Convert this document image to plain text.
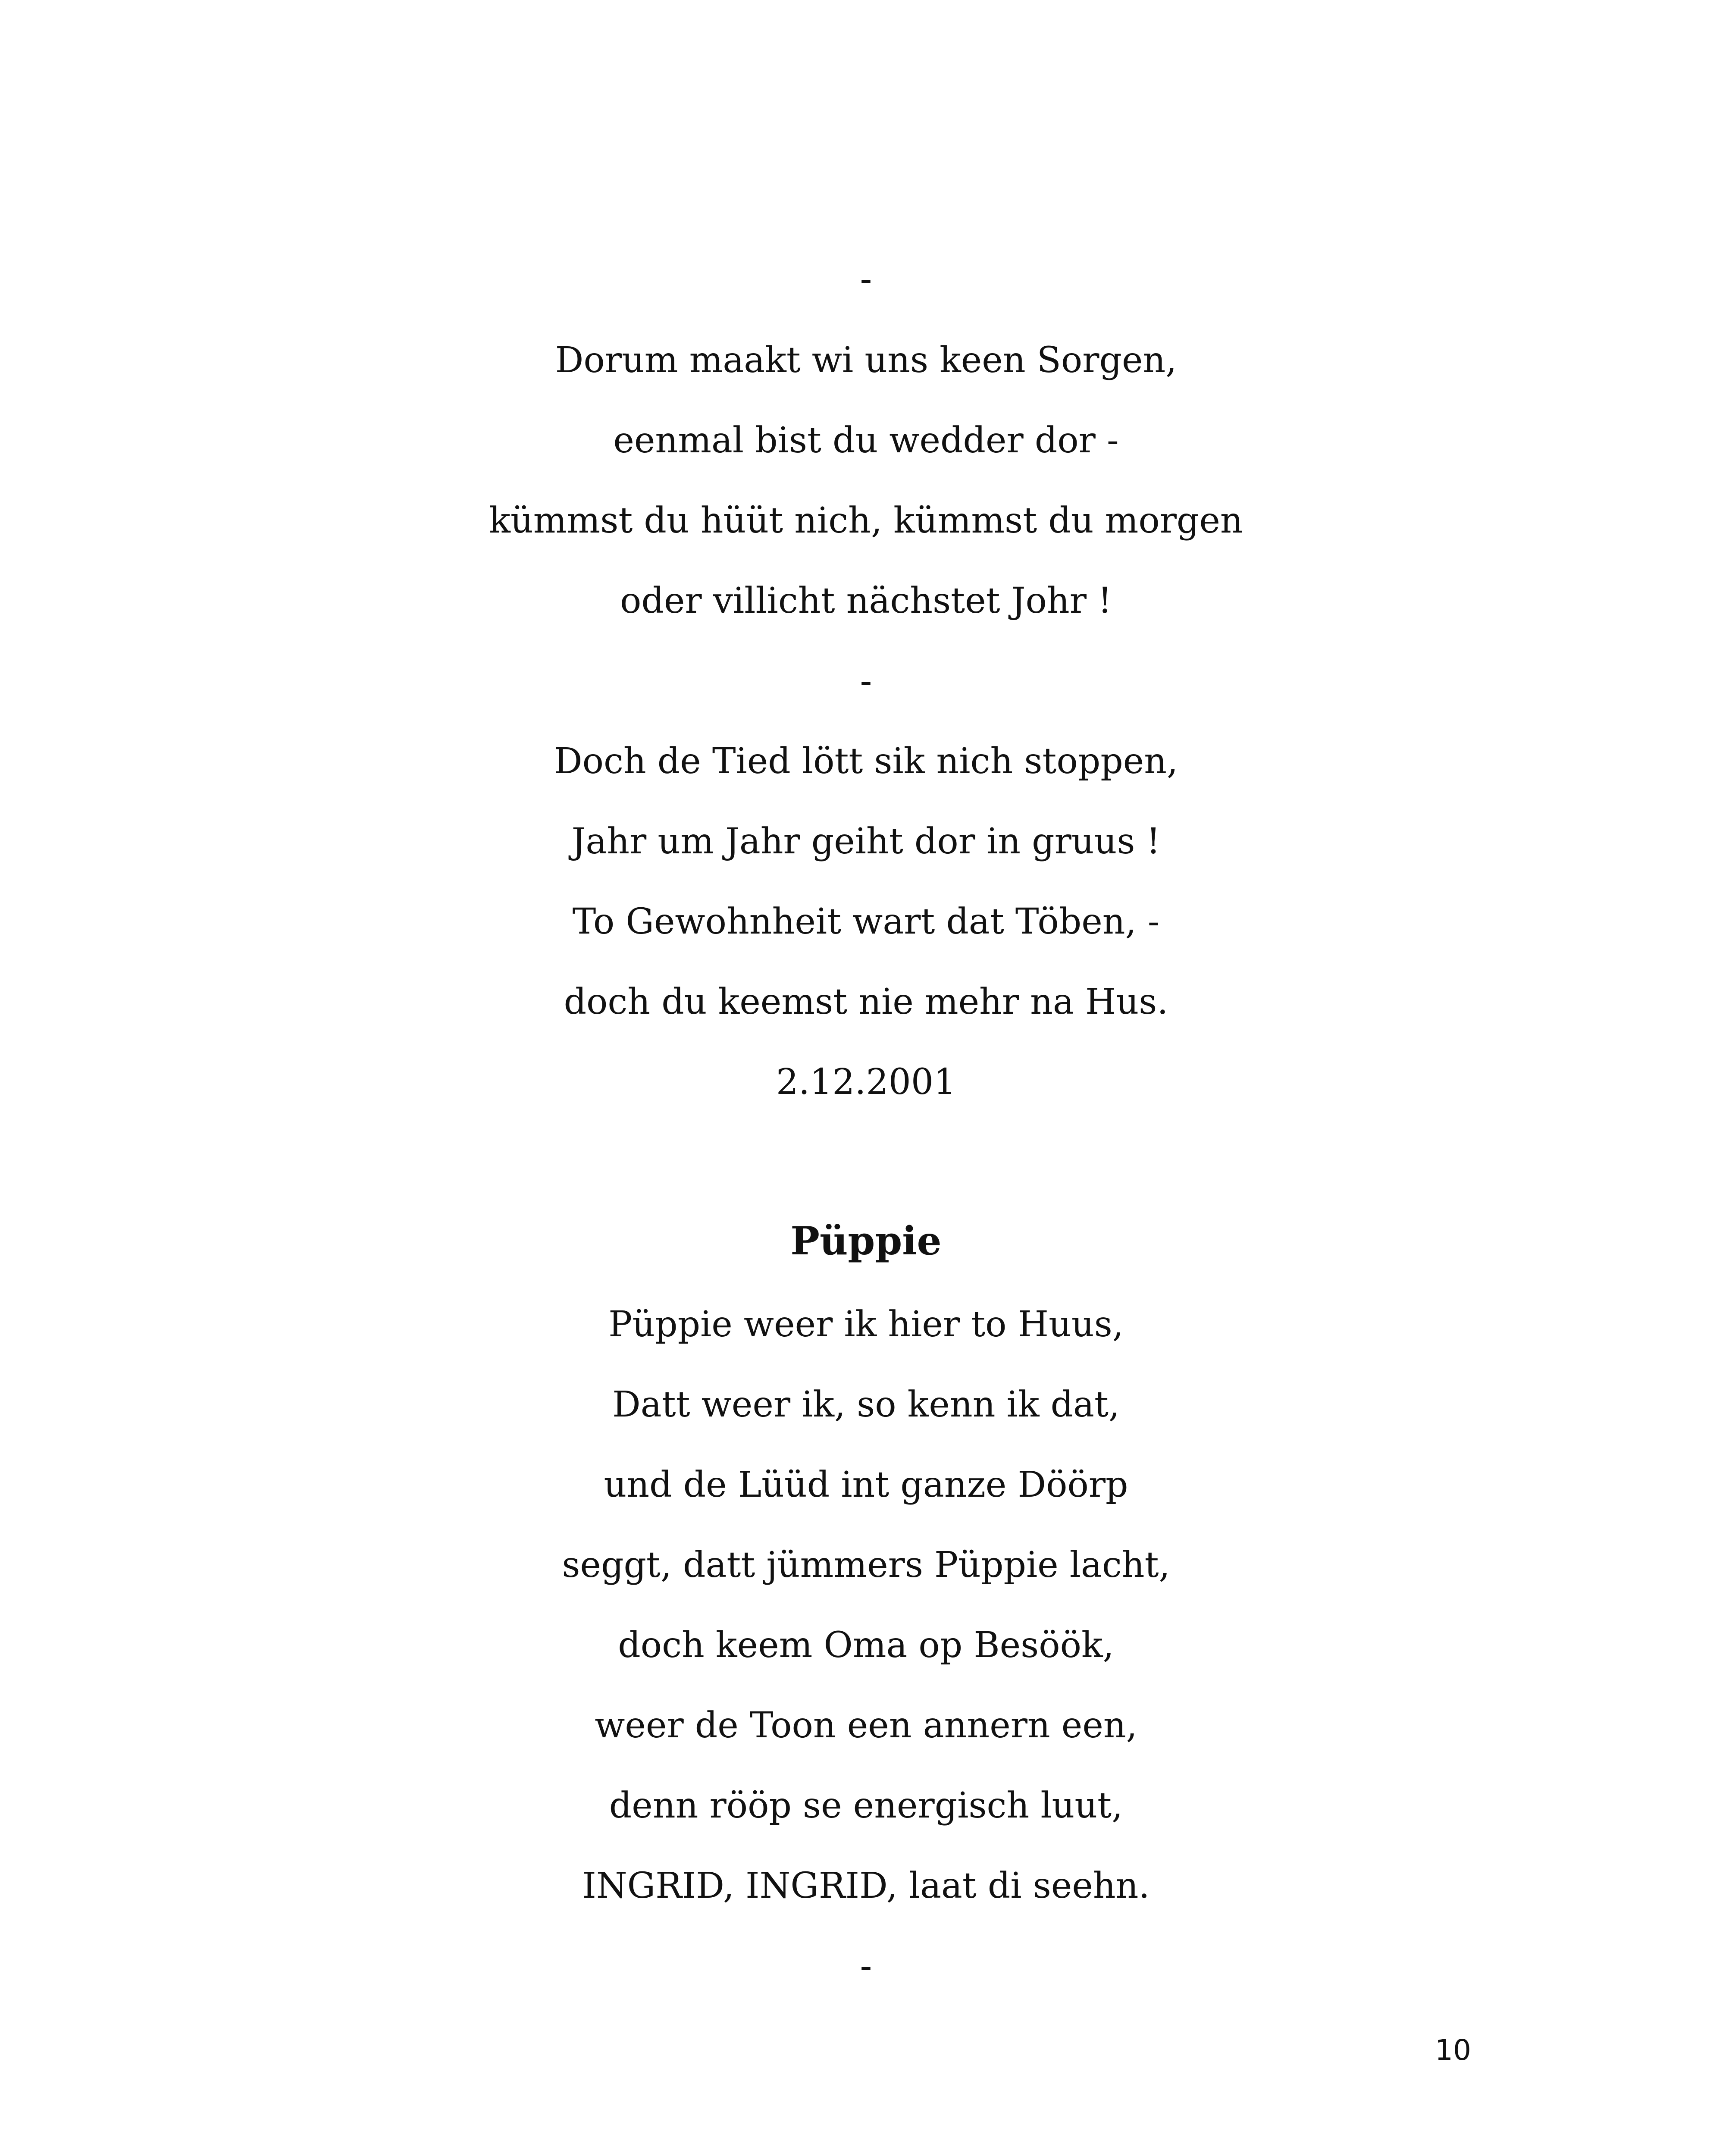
-
Dorum maakt wi uns keen Sorgen,
eenmal bist du wedder dor -
kümmst du hüüt nich, kümmst du morgen
oder villicht nächstet Johr !
-
Doch de Tied lött sik nich stoppen,
Jahr um Jahr geiht dor in gruus !
To Gewohnheit wart dat Töben, -
doch du keemst nie mehr na Hus.
2.12.2001
Püppie
Püppie weer ik hier to Huus,
Datt weer ik, so kenn ik dat,
und de Lüüd int ganze Döörp
seggt, datt jümmers Püppie lacht,
doch keem Oma op Besöök,
weer de Toon een annern een,
denn rööp se energisch luut,
INGRID, INGRID, laat di seehn.
-
10
